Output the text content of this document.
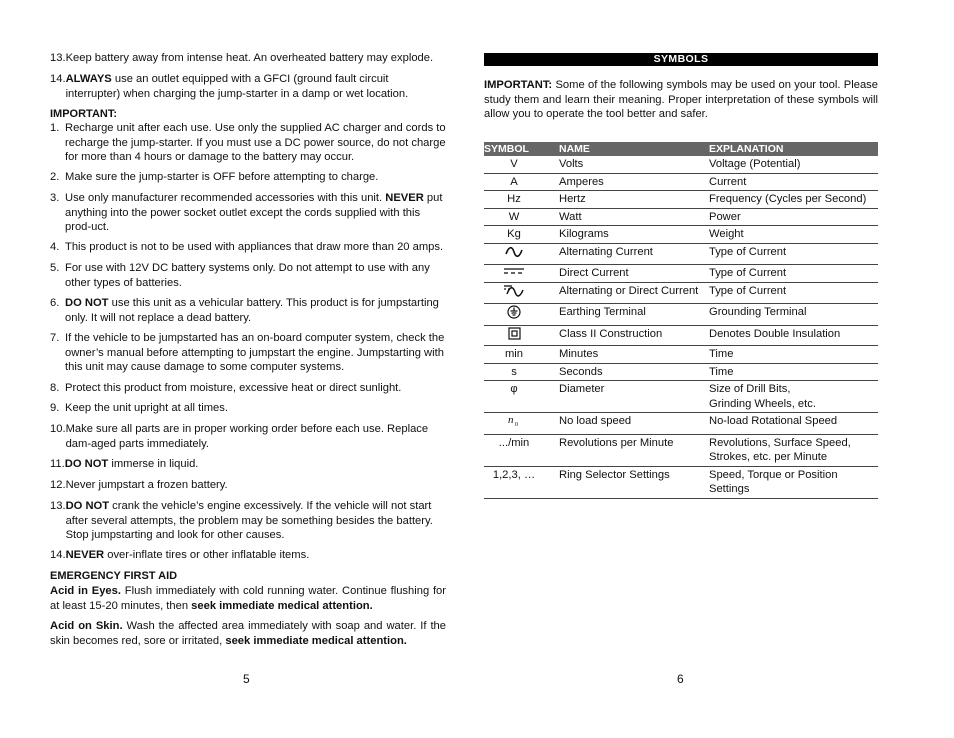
13. Keep battery away from intense heat. An overheated battery may explode.
14. ALWAYS use an outlet equipped with a GFCI (ground fault circuit interrupter) when charging the jump-starter in a damp or wet location.
IMPORTANT:
1. Recharge unit after each use. Use only the supplied AC charger and cords to recharge the jump-starter. If you must use a DC power source, do not charge for more than 4 hours or damage to the battery may occur.
2. Make sure the jump-starter is OFF before attempting to charge.
3. Use only manufacturer recommended accessories with this unit. NEVER put anything into the power socket outlet except the cords supplied with this prod-uct.
4. This product is not to be used with appliances that draw more than 20 amps.
5. For use with 12V DC battery systems only. Do not attempt to use with any other types of batteries.
6. DO NOT use this unit as a vehicular battery. This product is for jumpstarting only. It will not replace a dead battery.
7. If the vehicle to be jumpstarted has an on-board computer system, check the owner’s manual before attempting to jumpstart the engine. Jumpstarting with this unit may cause damage to some computer systems.
8. Protect this product from moisture, excessive heat or direct sunlight.
9. Keep the unit upright at all times.
10. Make sure all parts are in proper working order before each use. Replace dam-aged parts immediately.
11. DO NOT immerse in liquid.
12. Never jumpstart a frozen battery.
13. DO NOT crank the vehicle’s engine excessively. If the vehicle will not start after several attempts, the problem may be something besides the battery. Stop jumpstarting and look for other causes.
14. NEVER over-inflate tires or other inflatable items.
EMERGENCY FIRST AID
Acid in Eyes. Flush immediately with cold running water. Continue flushing for at least 15-20 minutes, then seek immediate medical attention.
Acid on Skin. Wash the affected area immediately with soap and water. If the skin becomes red, sore or irritated, seek immediate medical attention.
5
SYMBOLS
IMPORTANT: Some of the following symbols may be used on your tool. Please study them and learn their meaning. Proper interpretation of these symbols will allow you to operate the tool better and safer.
SYMBOL	NAME	EXPLANATION
V	Volts	Voltage (Potential)

A	Amperes	Current

Hz	Hertz	Frequency (Cycles per Second)

W	Watt	Power

Kg	Kilograms	Weight

	Alternating Current	Type of Current

	Direct Current	Type of Current

	Alternating or Direct Current	Type of Current

	Earthing Terminal	Grounding Terminal

	Class II Construction	Denotes Double Insulation

min	Minutes	Time

s	Seconds	Time

φ	Diameter	Size of Drill Bits,
Grinding Wheels, etc.

n 0	No load speed	No-load Rotational Speed

.../min	Revolutions per Minute	Revolutions, Surface Speed,
Strokes, etc. per Minute

1,2,3, …	Ring Selector Settings	Speed, Torque or Position Settings
6
